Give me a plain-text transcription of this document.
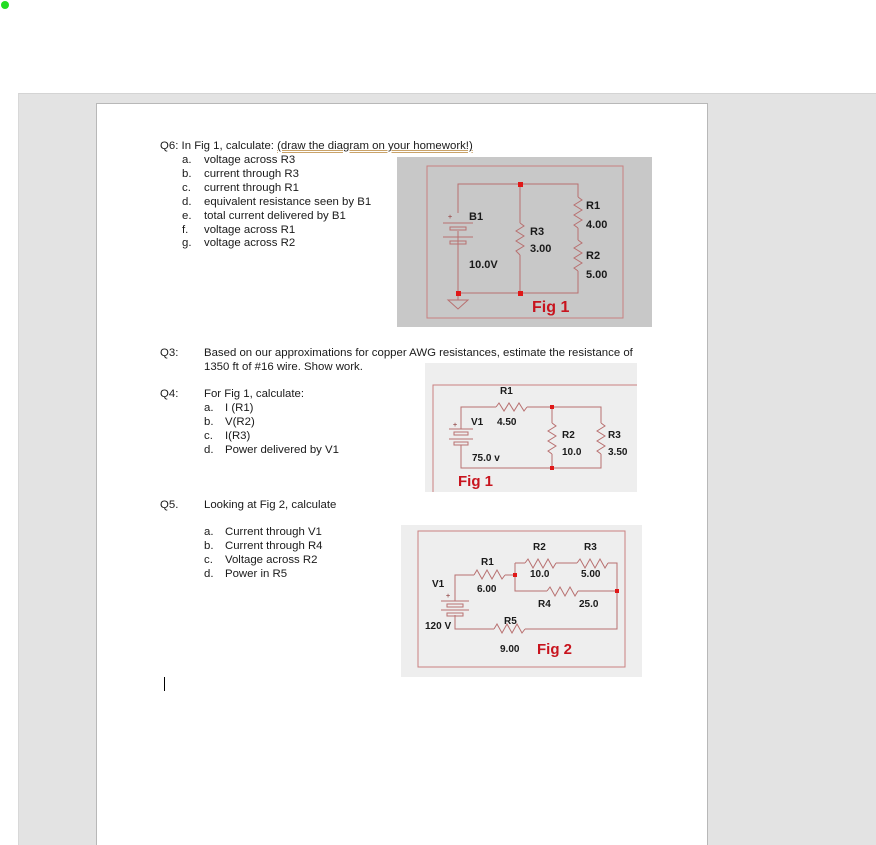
Q6: In Fig 1, calculate: (draw the diagram on your homework!)
a. voltage across R3
b. current through R3
c. current through R1
d. equivalent resistance seen by B1
e. total current delivered by B1
f. voltage across R1
g. voltage across R2
+ B1
10.0V
R3
3.00
R1
4.00
R2
5.00
Fig 1
Q3: Based on our approximations for copper AWG resistances, estimate the resistance of
1350 ft of #16 wire. Show work.
Q4: For Fig 1, calculate:
a. I (R1)
b. V(R2)
c. I(R3)
d. Power delivered by V1
+
R1
V1 4.50
75.0 v
R2
10.0
R3
3.50
Fig 1
Q5. Looking at Fig 2, calculate
a. Current through V1
b. Current through R4
c. Voltage across R2
d. Power in R5
+
R1
6.00
V1
120 V
R2
10.0
R3
5.00
R4	25.0
R5
9.00 Fig 2
